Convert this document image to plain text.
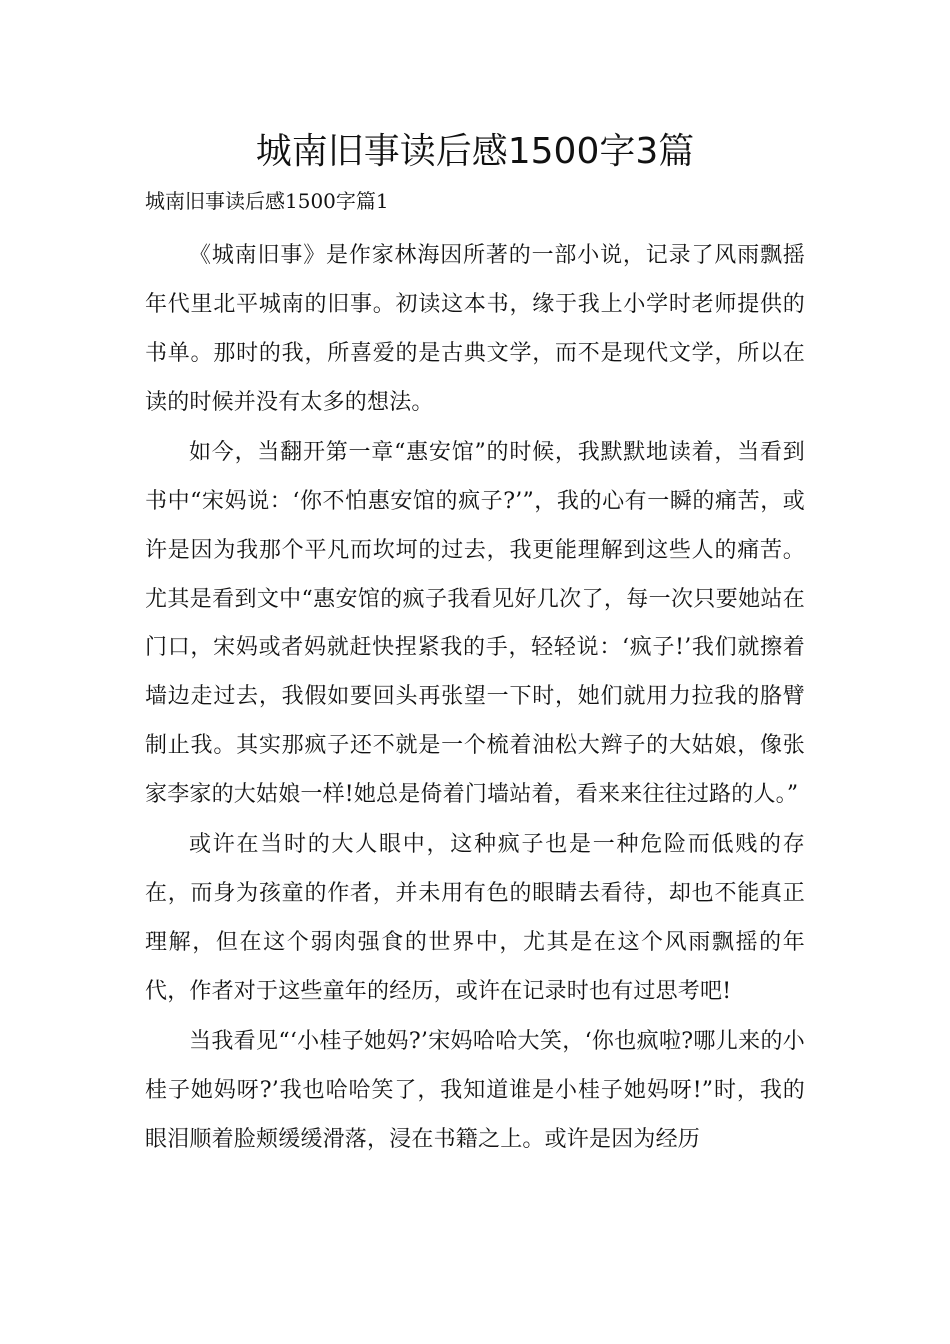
城南旧事读后感1500字3篇

城南旧事读后感1500字篇1

《城南旧事》是作家林海因所著的一部小说，记录了风雨飘摇年代里北平城南的旧事。初读这本书，缘于我上小学时老师提供的书单。那时的我，所喜爱的是古典文学，而不是现代文学，所以在读的时候并没有太多的想法。

如今，当翻开第一章“惠安馆”的时候，我默默地读着，当看到书中“宋妈说：‘你不怕惠安馆的疯子?’”，我的心有一瞬的痛苦，或许是因为我那个平凡而坎坷的过去，我更能理解到这些人的痛苦。尤其是看到文中“惠安馆的疯子我看见好几次了，每一次只要她站在门口，宋妈或者妈就赶快捏紧我的手，轻轻说：‘疯子!’我们就擦着墙边走过去，我假如要回头再张望一下时，她们就用力拉我的胳臂制止我。其实那疯子还不就是一个梳着油松大辫子的大姑娘，像张家李家的大姑娘一样!她总是倚着门墙站着，看来来往往过路的人。”

或许在当时的大人眼中，这种疯子也是一种危险而低贱的存在，而身为孩童的作者，并未用有色的眼睛去看待，却也不能真正理解，但在这个弱肉强食的世界中，尤其是在这个风雨飘摇的年代，作者对于这些童年的经历，或许在记录时也有过思考吧!

当我看见“‘小桂子她妈?’宋妈哈哈大笑，‘你也疯啦?哪儿来的小桂子她妈呀?’我也哈哈笑了，我知道谁是小桂子她妈呀!”时，我的眼泪顺着脸颊缓缓滑落，浸在书籍之上。或许是因为经历
